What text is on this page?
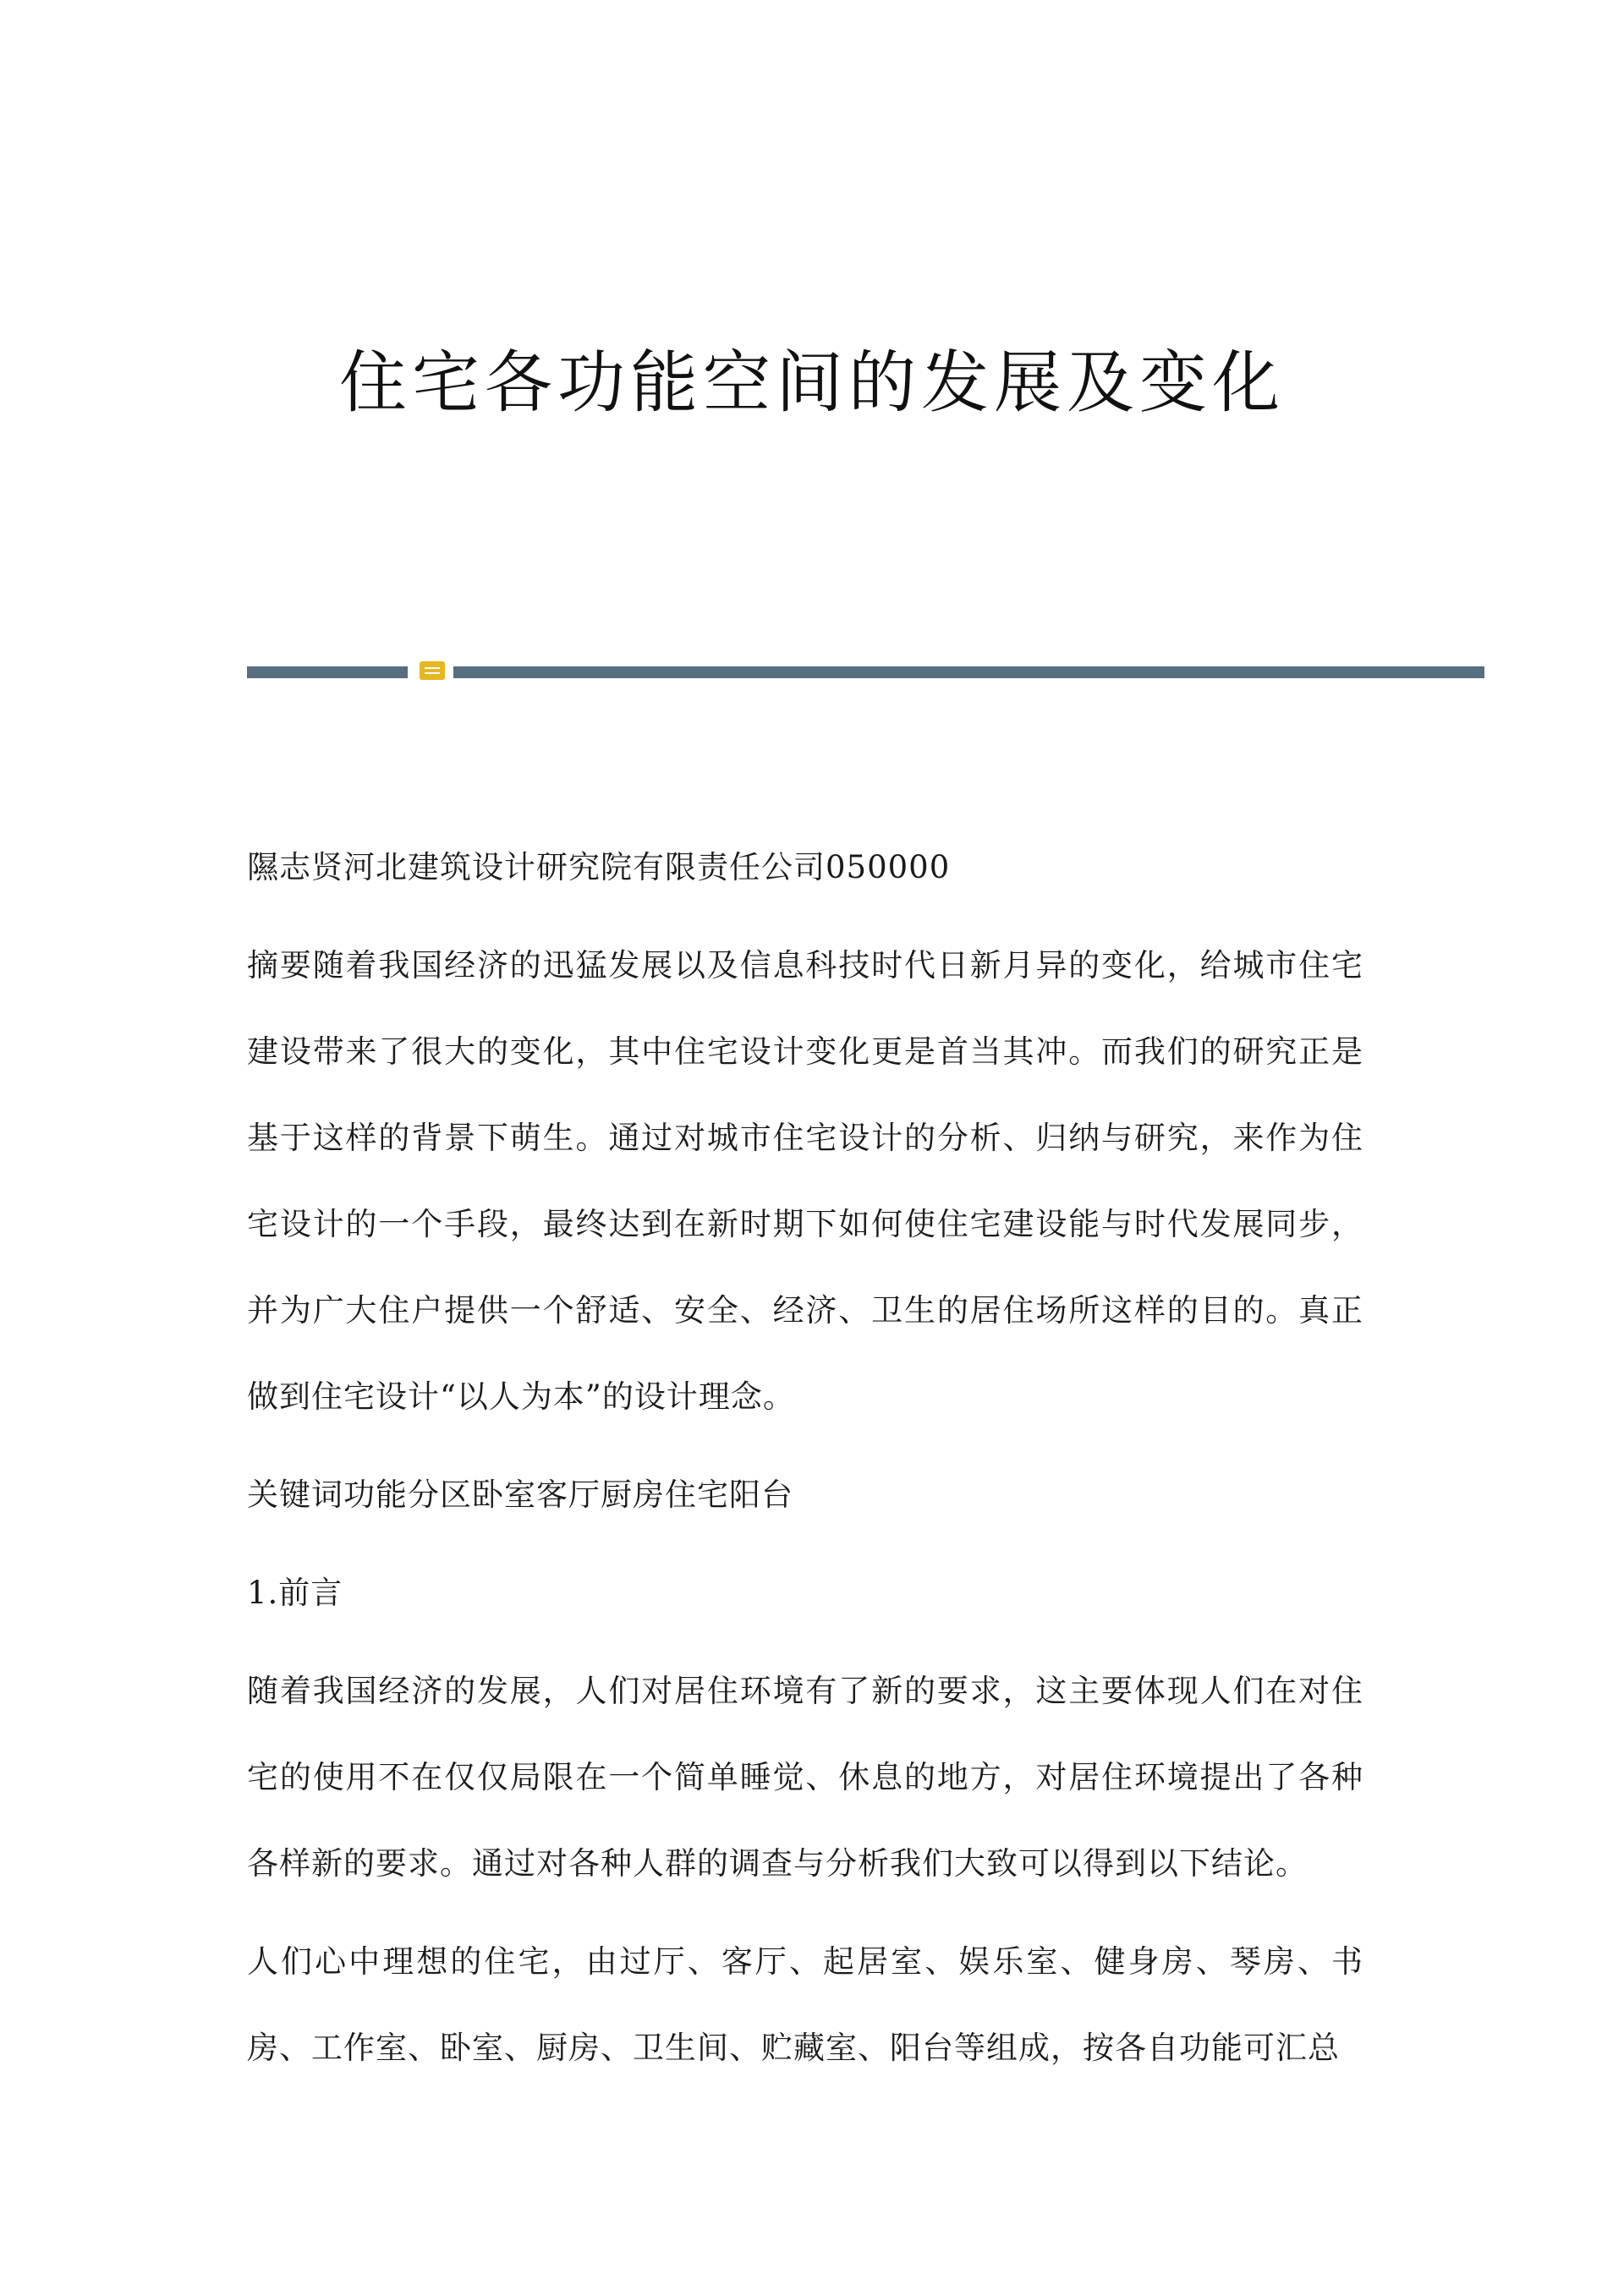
住宅各功能空间的发展及变化

隰志贤河北建筑设计研究院有限责任公司050000

摘要随着我国经济的迅猛发展以及信息科技时代日新月异的变化，给城市住宅建设带来了很大的变化，其中住宅设计变化更是首当其冲。而我们的研究正是基于这样的背景下萌生。通过对城市住宅设计的分析、归纳与研究，来作为住宅设计的一个手段，最终达到在新时期下如何使住宅建设能与时代发展同步，并为广大住户提供一个舒适、安全、经济、卫生的居住场所这样的目的。真正做到住宅设计“以人为本”的设计理念。

关键词功能分区卧室客厅厨房住宅阳台

1.前言

随着我国经济的发展，人们对居住环境有了新的要求，这主要体现人们在对住宅的使用不在仅仅局限在一个简单睡觉、休息的地方，对居住环境提出了各种各样新的要求。通过对各种人群的调查与分析我们大致可以得到以下结论。

人们心中理想的住宅，由过厅、客厅、起居室、娱乐室、健身房、琴房、书房、工作室、卧室、厨房、卫生间、贮藏室、阳台等组成，按各自功能可汇总
